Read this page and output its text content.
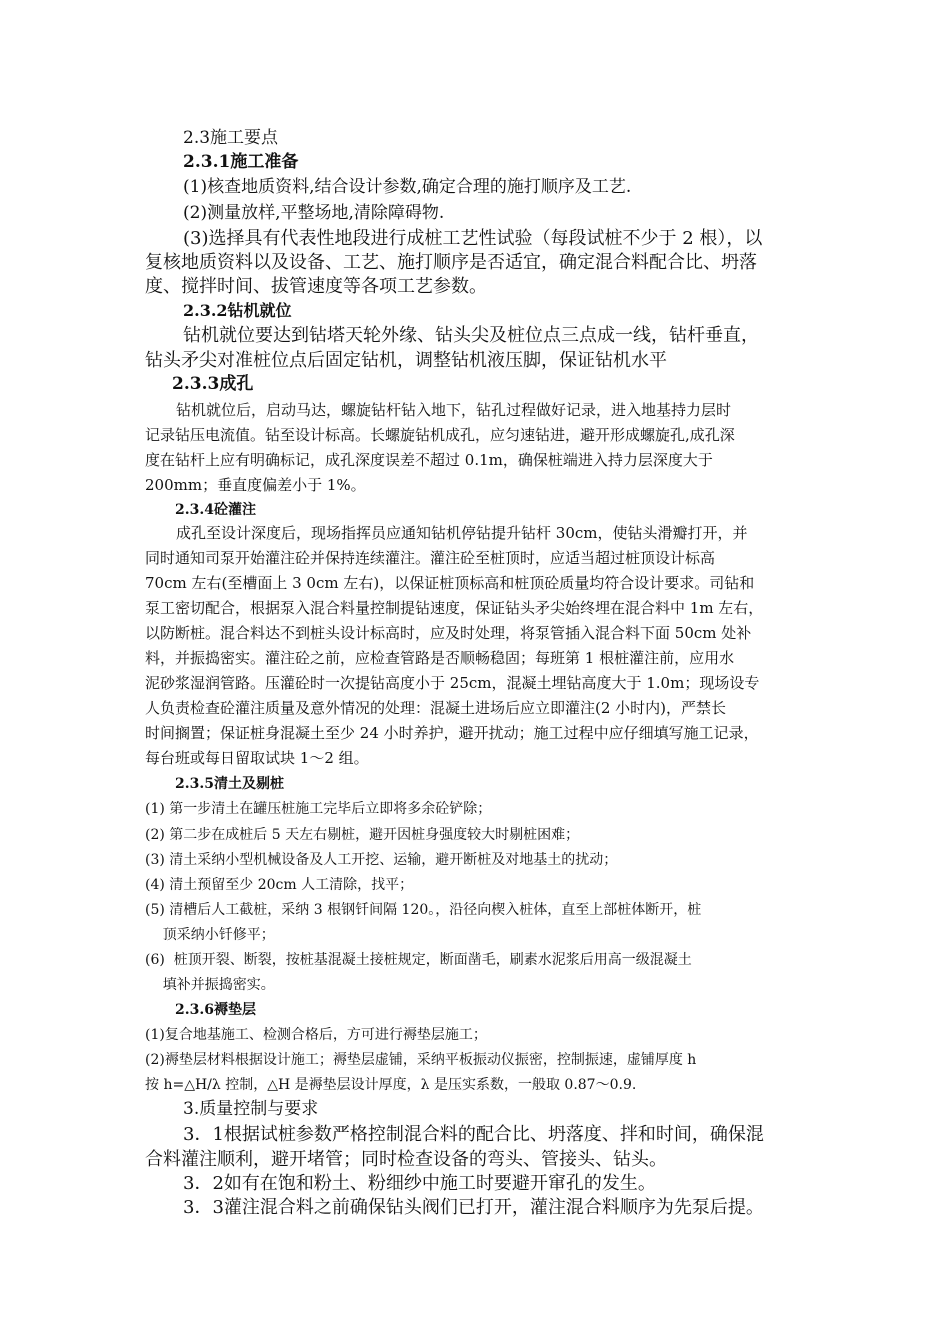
2.3施工要点
2.3.1施工准备
(1)核查地质资料,结合设计参数,确定合理的施打顺序及工艺.
(2)测量放样,平整场地,清除障碍物.
(3)选择具有代表性地段进行成桩工艺性试验（每段试桩不少于 2 根），以
复核地质资料以及设备、工艺、施打顺序是否适宜，确定混合料配合比、坍落
度、搅拌时间、拔管速度等各项工艺参数。
2.3.2钻机就位
钻机就位要达到钻塔天轮外缘、钻头尖及桩位点三点成一线，钻杆垂直，
钻头矛尖对准桩位点后固定钻机，调整钻机液压脚，保证钻机水平
2.3.3成孔
钻机就位后，启动马达，螺旋钻杆钻入地下，钻孔过程做好记录，进入地基持力层时
记录钻压电流值。钻至设计标高。长螺旋钻机成孔，应匀速钻进，避开形成螺旋孔,成孔深
度在钻杆上应有明确标记，成孔深度误差不超过 0.1m，确保桩端进入持力层深度大于
200mm；垂直度偏差小于 1%。
2.3.4砼灌注
成孔至设计深度后，现场指挥员应通知钻机停钻提升钻杆 30cm，使钻头滑瓣打开，并
同时通知司泵开始灌注砼并保持连续灌注。灌注砼至桩顶时，应适当超过桩顶设计标高
70cm 左右(至槽面上 3 0cm 左右)，以保证桩顶标高和桩顶砼质量均符合设计要求。司钻和
泵工密切配合，根据泵入混合料量控制提钻速度，保证钻头矛尖始终埋在混合料中 1m 左右，
以防断桩。混合料达不到桩头设计标高时，应及时处理，将泵管插入混合料下面 50cm 处补
料，并振捣密实。灌注砼之前，应检查管路是否顺畅稳固；每班第 1 根桩灌注前，应用水
泥砂浆湿润管路。压灌砼时一次提钻高度小于 25cm，混凝土埋钻高度大于 1.0m；现场设专
人负责检查砼灌注质量及意外情况的处理：混凝土进场后应立即灌注(2 小时内)，严禁长
时间搁置；保证桩身混凝土至少 24 小时养护，避开扰动；施工过程中应仔细填写施工记录，
每台班或每日留取试块 1～2 组。
2.3.5清土及剔桩
(1) 第一步清土在罐压桩施工完毕后立即将多余砼铲除；
(2) 第二步在成桩后 5 天左右剔桩，避开因桩身强度较大时剔桩困难；
(3) 清土采纳小型机械设备及人工开挖、运输，避开断桩及对地基土的扰动；
(4) 清土预留至少 20cm 人工清除，找平；
(5) 清槽后人工截桩，采纳 3 根钢钎间隔 120。，沿径向楔入桩体，直至上部桩体断开，桩
顶采纳小钎修平；
(6)  桩顶开裂、断裂，按桩基混凝土接桩规定，断面凿毛，刷素水泥浆后用高一级混凝土
填补并振捣密实。
2.3.6褥垫层
(1)复合地基施工、检测合格后，方可进行褥垫层施工；
(2)褥垫层材料根据设计施工；褥垫层虚铺，采纳平板振动仪振密，控制振速，虚铺厚度 h
按 h=△H/λ 控制，△H 是褥垫层设计厚度，λ 是压实系数，一般取 0.87～0.9.
3.质量控制与要求
3．1根据试桩参数严格控制混合料的配合比、坍落度、拌和时间，确保混
合料灌注顺利，避开堵管；同时检查设备的弯头、管接头、钻头。
3．2如有在饱和粉土、粉细纱中施工时要避开窜孔的发生。
3．3灌注混合料之前确保钻头阀们已打开，灌注混合料顺序为先泵后提。
